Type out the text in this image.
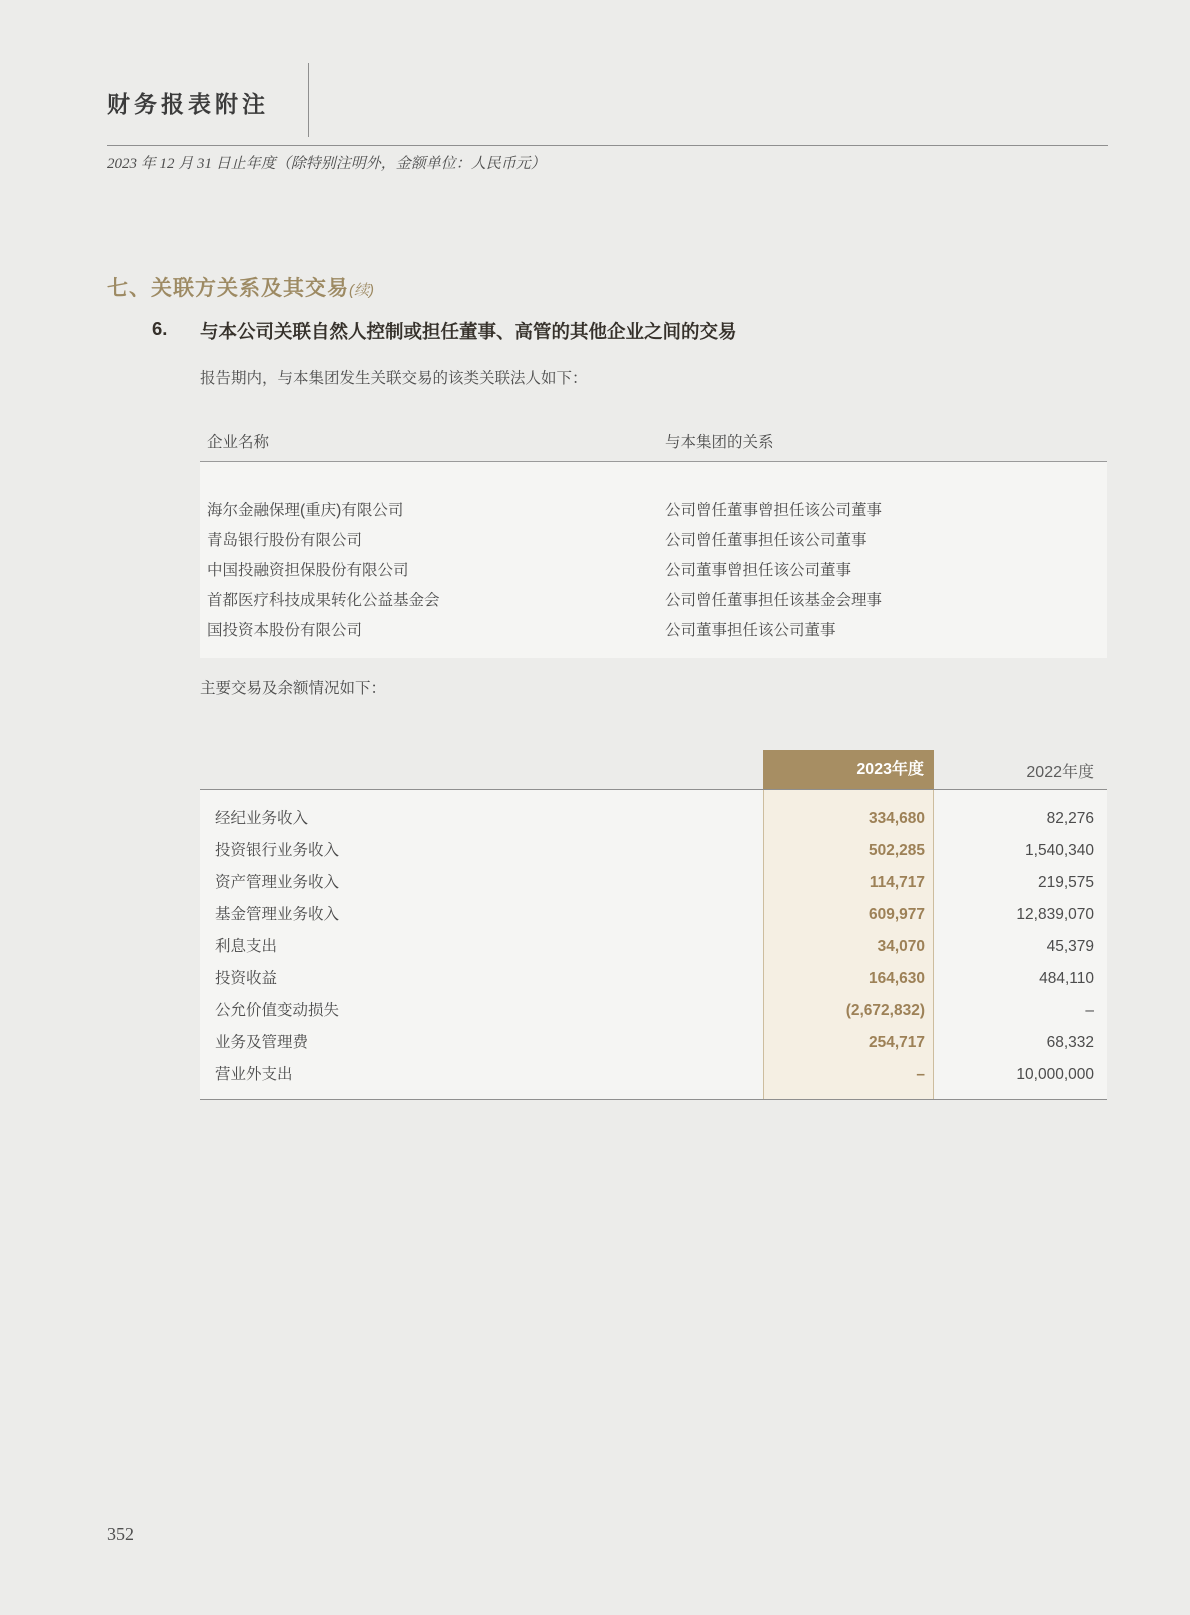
财务报表附注
2023 年 12 月 31 日止年度（除特别注明外，金额单位：人民币元）
七、关联方关系及其交易(续)
6.	与本公司关联自然人控制或担任董事、高管的其他企业之间的交易
报告期内，与本集团发生关联交易的该类关联法人如下：
企业名称	与本集团的关系
海尔金融保理(重庆)有限公司	公司曾任董事曾担任该公司董事
青岛银行股份有限公司	公司曾任董事担任该公司董事
中国投融资担保股份有限公司	公司董事曾担任该公司董事
首都医疗科技成果转化公益基金会	公司曾任董事担任该基金会理事
国投资本股份有限公司	公司董事担任该公司董事
主要交易及余额情况如下：
2023年度	2022年度
经纪业务收入	334,680	82,276
投资银行业务收入	502,285	1,540,340
资产管理业务收入	114,717	219,575
基金管理业务收入	609,977	12,839,070
利息支出	34,070	45,379
投资收益	164,630	484,110
公允价值变动损失	(2,672,832)	–
业务及管理费	254,717	68,332
营业外支出	–	10,000,000
352
